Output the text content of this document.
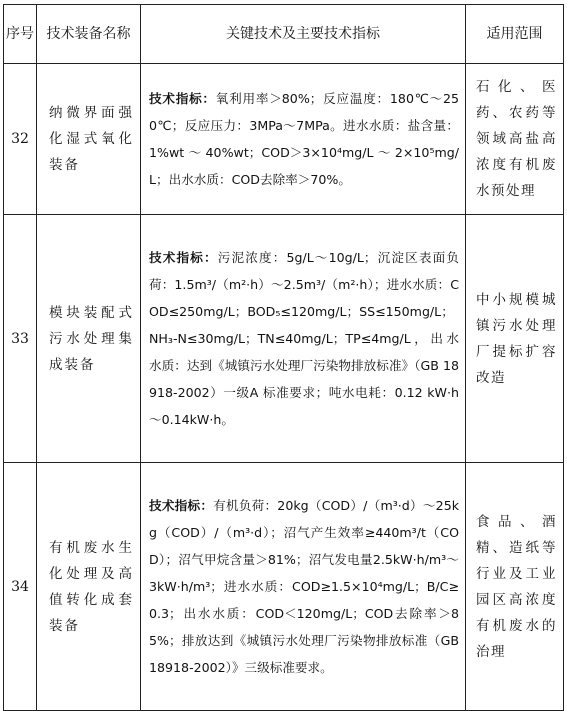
序号	技术装备名称	关键技术及主要技术指标	适用范围
32	纳微界面强化湿式氧化装备	技术指标：氧利用率＞80%；反应温度：180℃～250℃；反应压力：3MPa～7MPa。进水水质：盐含量：1%wt～40%wt；COD＞3×10⁴mg/L～2×10⁵mg/L；出水水质：COD去除率＞70%。	石化、医药、农药等领域高盐高浓度有机废水预处理
33	模块装配式污水处理集成装备	技术指标：污泥浓度：5g/L～10g/L；沉淀区表面负荷：1.5m³/（m²·h）～2.5m³/（m²·h）；进水水质：COD≤250mg/L；BOD₅≤120mg/L；SS≤150mg/L；NH₃-N≤30mg/L；TN≤40mg/L；TP≤4mg/L，出水水质：达到《城镇污水处理厂污染物排放标准》（GB 18918-2002）一级A 标准要求；吨水电耗：0.12 kW·h～0.14kW·h。	中小规模城镇污水处理厂提标扩容改造
34	有机废水生化处理及高值转化成套装备	技术指标：有机负荷：20kg（COD）/（m³·d）～25kg（COD）/（m³·d）；沼气产生效率≥440m³/t（COD）；沼气甲烷含量＞81%；沼气发电量2.5kW·h/m³～3kW·h/m³；进水水质：COD≥1.5×10⁴mg/L；B/C≥0.3；出水水质：COD＜120mg/L；COD去除率＞85%；排放达到《城镇污水处理厂污染物排放标准（GB 18918-2002）》三级标准要求。	食品、酒精、造纸等行业及工业园区高浓度有机废水的治理
